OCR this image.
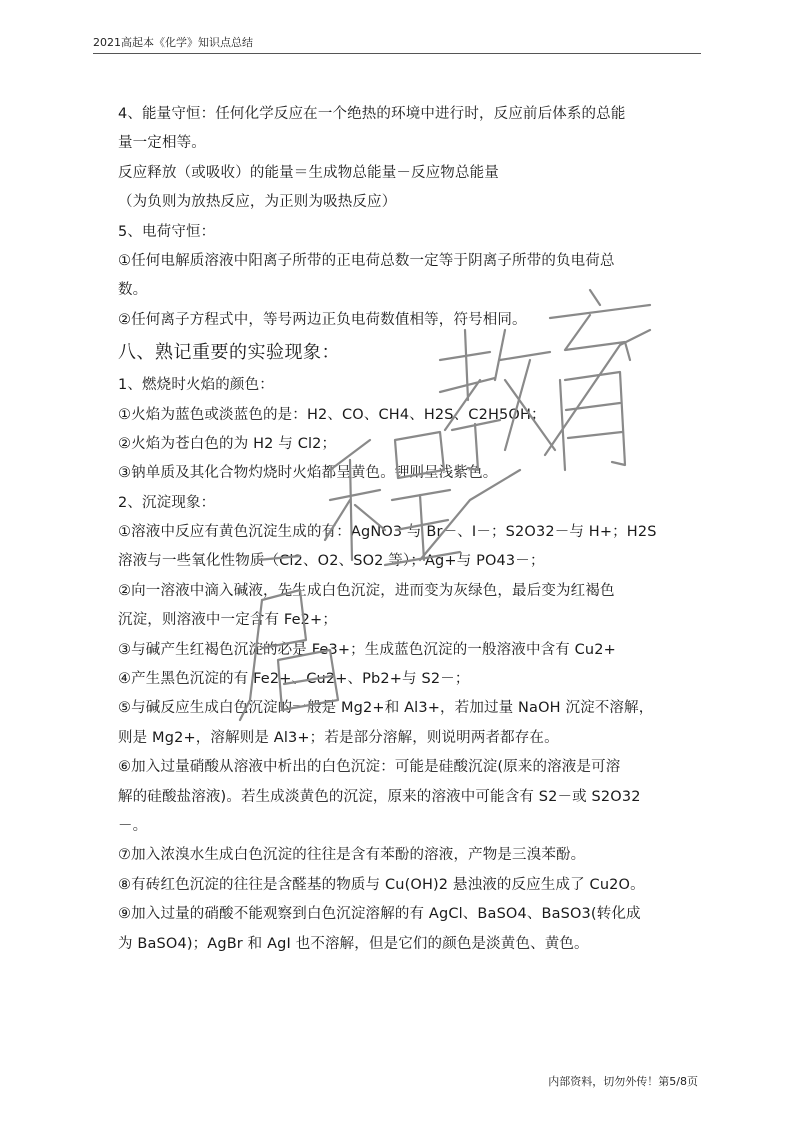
2021高起本《化学》知识点总结
4、能量守恒：任何化学反应在一个绝热的环境中进行时，反应前后体系的总能
量一定相等。
反应释放（或吸收）的能量＝生成物总能量－反应物总能量
（为负则为放热反应，为正则为吸热反应）
5、电荷守恒：
①任何电解质溶液中阳离子所带的正电荷总数一定等于阴离子所带的负电荷总
数。
②任何离子方程式中，等号两边正负电荷数值相等，符号相同。
八、熟记重要的实验现象：
1、燃烧时火焰的颜色：
①火焰为蓝色或淡蓝色的是：H2、CO、CH4、H2S、C2H5OH；
②火焰为苍白色的为 H2 与 Cl2；
③钠单质及其化合物灼烧时火焰都呈黄色。钾则呈浅紫色。
2、沉淀现象：
①溶液中反应有黄色沉淀生成的有：AgNO3 与 Br－、I－；S2O32－与 H+；H2S
溶液与一些氧化性物质（Cl2、O2、SO2 等）；Ag+与 PO43－；
②向一溶液中滴入碱液，先生成白色沉淀，进而变为灰绿色，最后变为红褐色
沉淀，则溶液中一定含有 Fe2+；
③与碱产生红褐色沉淀的必是 Fe3+；生成蓝色沉淀的一般溶液中含有 Cu2+
④产生黑色沉淀的有 Fe2+、Cu2+、Pb2+与 S2－；
⑤与碱反应生成白色沉淀的一般是 Mg2+和 Al3+，若加过量 NaOH 沉淀不溶解，
则是 Mg2+，溶解则是 Al3+；若是部分溶解，则说明两者都存在。
⑥加入过量硝酸从溶液中析出的白色沉淀：可能是硅酸沉淀(原来的溶液是可溶
解的硅酸盐溶液)。若生成淡黄色的沉淀，原来的溶液中可能含有 S2－或 S2O32
－。
⑦加入浓溴水生成白色沉淀的往往是含有苯酚的溶液，产物是三溴苯酚。
⑧有砖红色沉淀的往往是含醛基的物质与 Cu(OH)2 悬浊液的反应生成了 Cu2O。
⑨加入过量的硝酸不能观察到白色沉淀溶解的有 AgCl、BaSO4、BaSO3(转化成
为 BaSO4)；AgBr 和 AgI 也不溶解，但是它们的颜色是淡黄色、黄色。
内部资料，切勿外传！第5/8页
